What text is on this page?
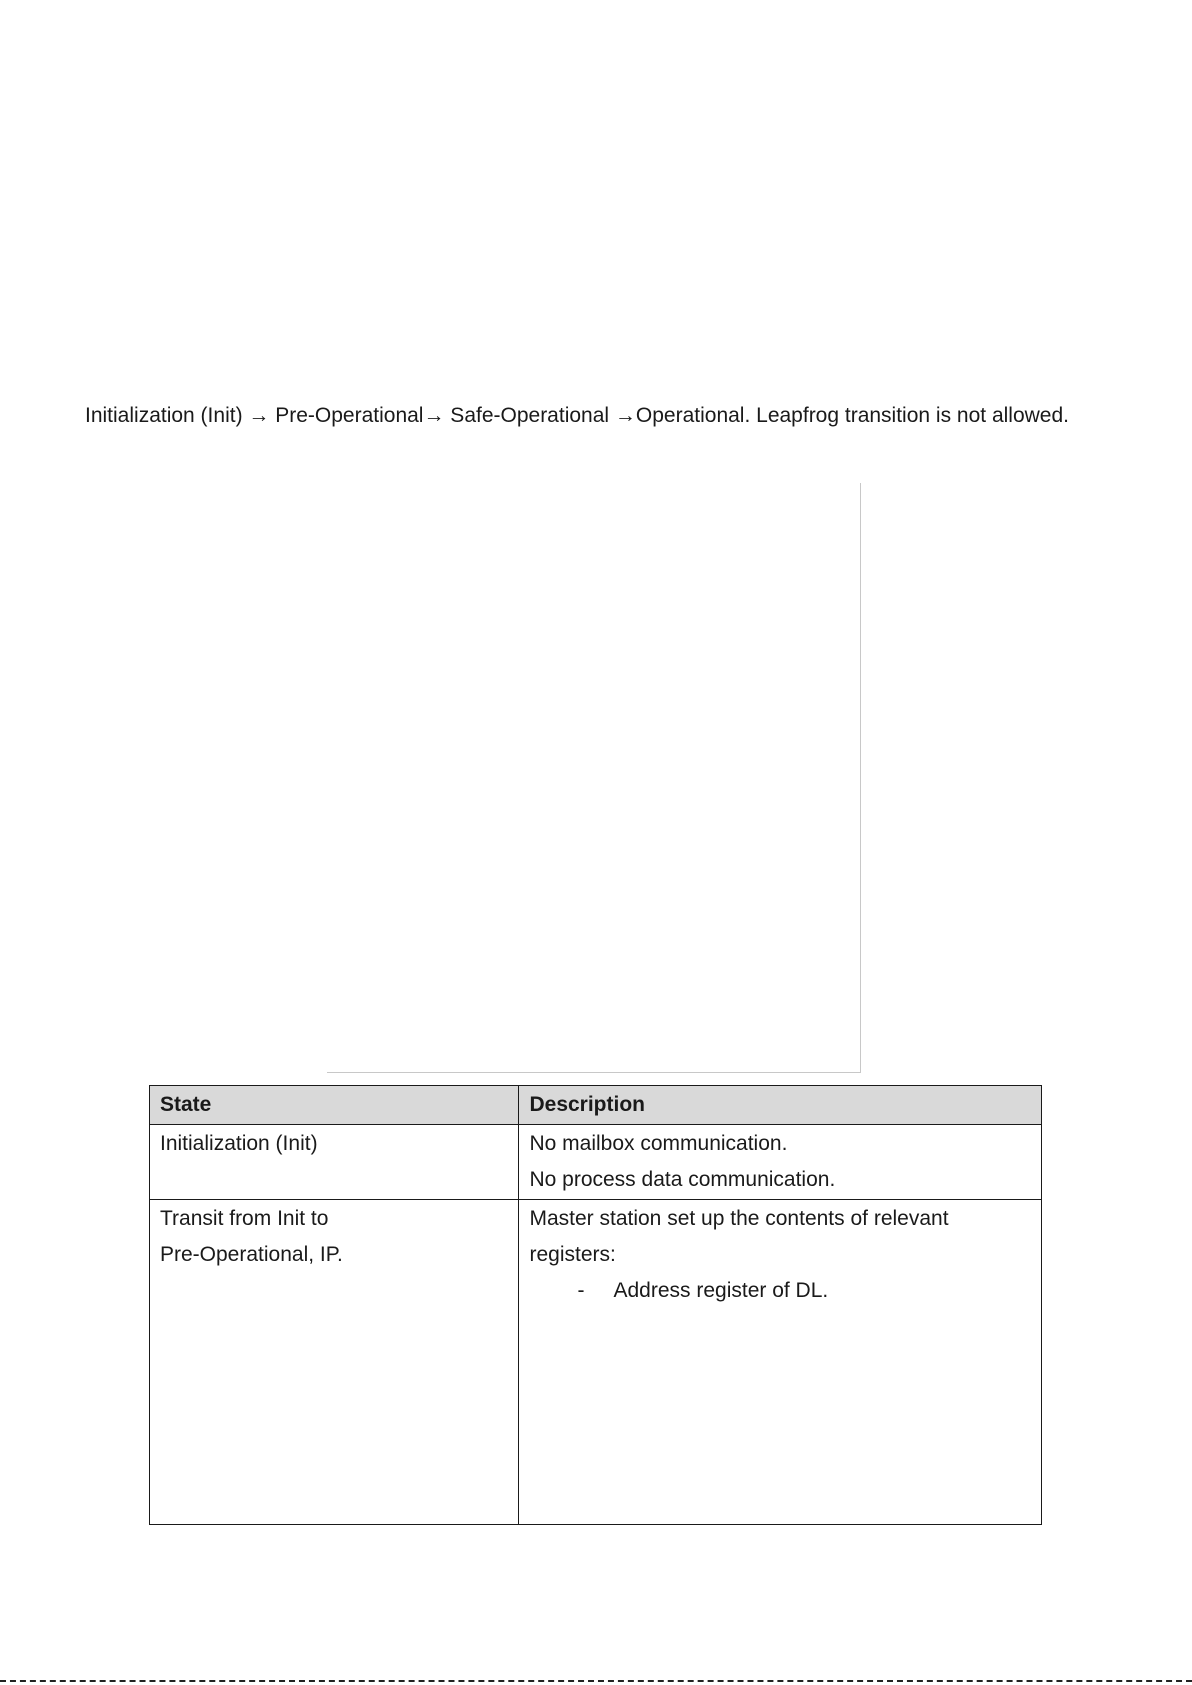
Initialization (Init) → Pre-Operational→ Safe-Operational →Operational. Leapfrog transition is not allowed.

State	Description

Initialization (Init)	No mailbox communication.
No process data communication.

Transit from Init to
Pre-Operational, IP.	Master station set up the contents of relevant
registers:
- Address register of DL.
